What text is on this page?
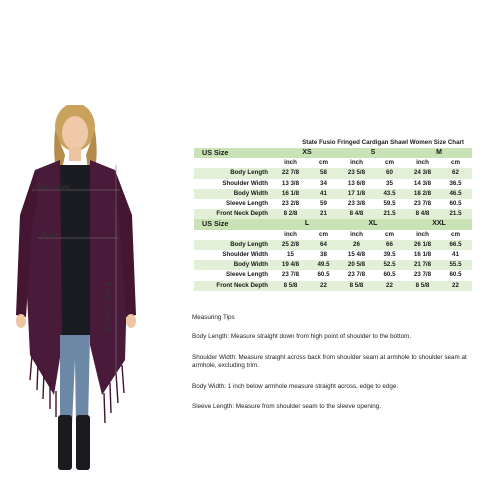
Shoulder
Bust
Body Length
State Fusio Fringed Cardigan Shawl Women Size Chart						
US Size	XS		S		M	
	inch	cm	inch	cm	inch	cm
Body Length	22 7/8	58	23 5/8	60	24 3/8	62
Shoulder Width	13 3/8	34	13 6/8	35	14 3/8	36.5
Body Width	16 1/8	41	17 1/8	43.5	18 2/8	46.5
Sleeve Length	23 2/8	59	23 3/8	59.5	23 7/8	60.5
Front Neck Depth	8 2/8	21	8 4/8	21.5	8 4/8	21.5
US Size	L		XL		XXL	
	inch	cm	inch	cm	inch	cm
Body Length	25 2/8	64	26	66	26 1/8	66.5
Shoulder Width	15	38	15 4/8	39.5	16 1/8	41
Body Width	19 4/8	49.5	20 5/8	52.5	21 7/8	55.5
Sleeve Length	23 7/8	60.5	23 7/8	60.5	23 7/8	60.5
Front Neck Depth	8 5/8	22	8 5/8	22	8 5/8	22

Measuring Tips

Body Length: Measure straight down from high point of shoulder to the bottom.

Shoulder Width: Measure straight across back from shoulder seam at armhole to shoulder seam at armhole, excluding trim.

Body Width: 1 inch below armhole measure straight across, edge to edge.

Sleeve Length: Measure from shoulder seam to the sleeve opening.
